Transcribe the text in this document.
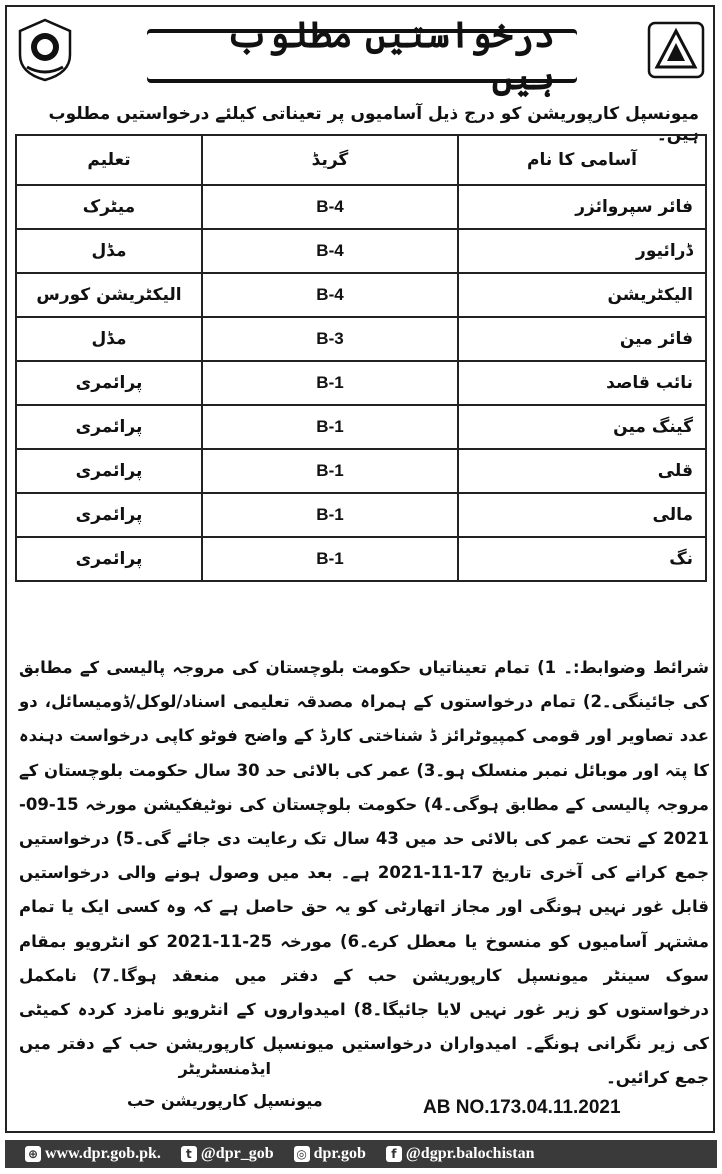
درخواستیں مطلوب ہیں
میونسپل کارپوریشن کو درج ذیل آسامیوں پر تعیناتی کیلئے درخواستیں مطلوب ہیں۔
آسامی کا نام	گریڈ	تعلیم
فائر سپروائزر	B-4	میٹرک
ڈرائیور	B-4	مڈل
الیکٹریشن	B-4	الیکٹریشن کورس
فائر مین	B-3	مڈل
نائب قاصد	B-1	پرائمری
گینگ مین	B-1	پرائمری
قلی	B-1	پرائمری
مالی	B-1	پرائمری
نگ	B-1	پرائمری
شرائط وضوابط:۔ 1) تمام تعیناتیاں حکومت بلوچستان کی مروجہ پالیسی کے مطابق کی جائینگی۔2) تمام درخواستوں کے ہمراہ مصدقہ تعلیمی اسناد/لوکل/ڈومیسائل، دو عدد تصاویر اور قومی کمپیوٹرائز ڈ شناختی کارڈ کے واضح فوٹو کاپی درخواست دہندہ کا پتہ اور موبائل نمبر منسلک ہو۔3) عمر کی بالائی حد 30 سال حکومت بلوچستان کے مروجہ پالیسی کے مطابق ہوگی۔4) حکومت بلوچستان کی نوٹیفکیشن مورخہ 15-09-2021 کے تحت عمر کی بالائی حد میں 43 سال تک رعایت دی جائے گی۔5) درخواستیں جمع کرانے کی آخری تاریخ 17-11-2021 ہے۔ بعد میں وصول ہونے والی درخواستیں قابل غور نہیں ہونگی اور مجاز اتھارٹی کو یہ حق حاصل ہے کہ وہ کسی ایک یا تمام مشتہر آسامیوں کو منسوخ یا معطل کرے۔6) مورخہ 25-11-2021 کو انٹرویو بمقام سوک سینٹر میونسپل کارپوریشن حب کے دفتر میں منعقد ہوگا۔7) نامکمل درخواستوں کو زیر غور نہیں لایا جائیگا۔8) امیدواروں کے انٹرویو نامزد کردہ کمیٹی کی زیر نگرانی ہونگے۔ امیدواران درخواستیں میونسپل کارپوریشن حب کے دفتر میں جمع کرائیں۔
ایڈمنسٹریٹر
میونسپل کارپوریشن حب	AB NO.173.04.11.2021
⊕ www.dpr.gob.pk.	t @dpr_gob ◎ dpr.gob	f @dgpr.balochistan
